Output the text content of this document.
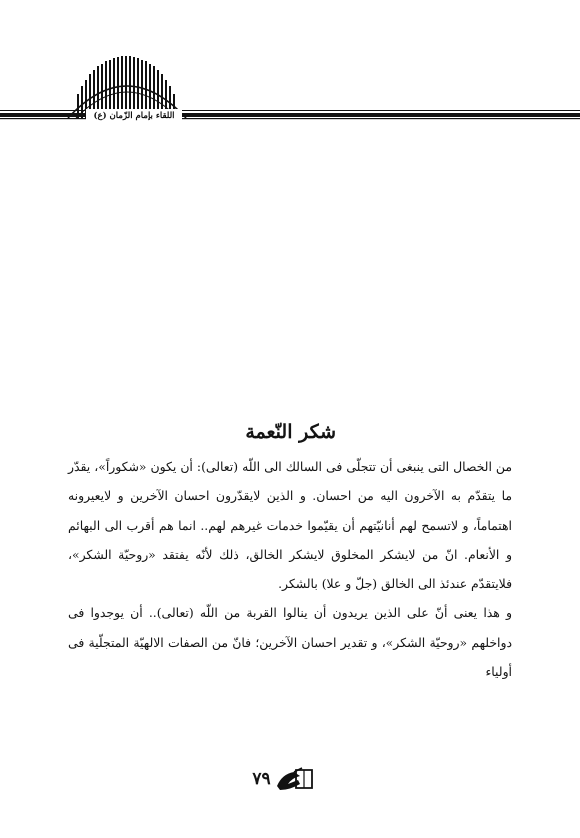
اللقاء بإمام الزّمان (ع)
شكر النّعمة

من الخصال التى ينبغى أن تتجلّى فى السالك الى اللّه (تعالى): أن يكون «شكوراً»، يقدّر ما يتقدّم به الآخرون اليه من احسان. و الذين لايقدّرون احسان الآخرين و لايعيرونه اهتماماً، و لاتسمح لهم أنانيّتهم أن يقيّموا خدمات غيرهم لهم.. انما هم أقرب الى البهائم و الأنعام. انّ من لايشكر المخلوق لايشكر الخالق، ذلك لأنّه يفتقد «روحيّة الشكر»، فلايتقدّم عندئذ الى الخالق (جلّ و علا) بالشكر.

و هذا يعنى أنّ على الذين يريدون أن ينالوا القربة من اللّه (تعالى).. أن يوجدوا فى دواخلهم «روحيّة الشكر»، و تقدير احسان الآخرين؛ فانّ من الصفات الالهيّة المتجلّية فى أولياء

٧٩
